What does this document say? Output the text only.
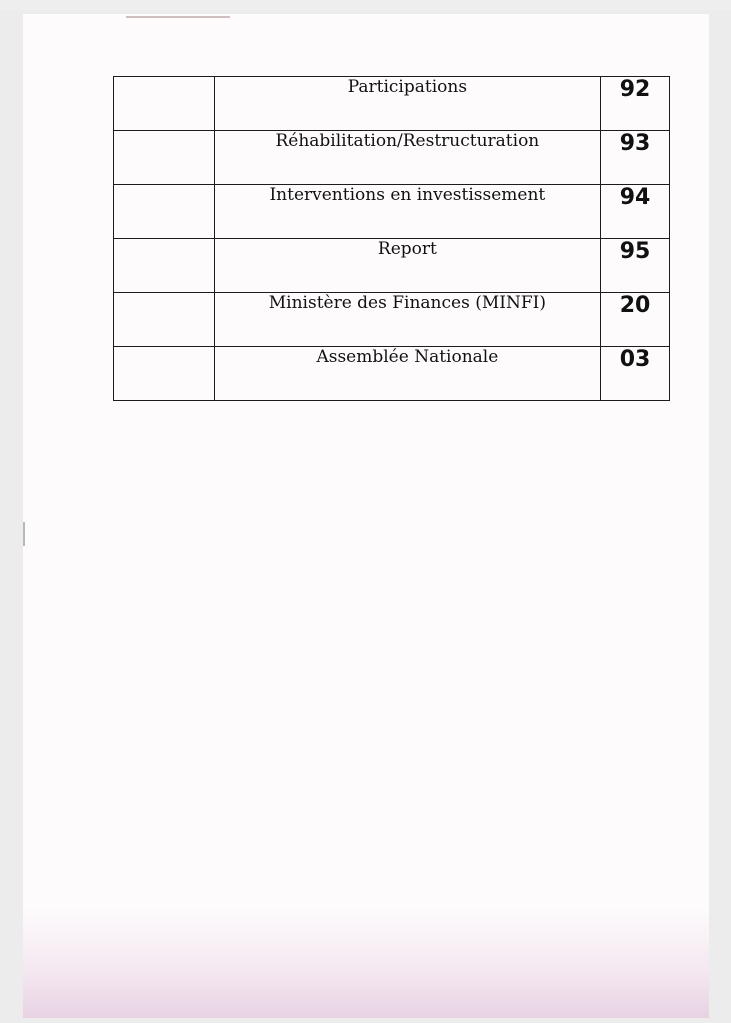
	Participations	92
	Réhabilitation/Restructuration	93
	Interventions en investissement	94
	Report	95
	Ministère des Finances (MINFI)	20
	Assemblée Nationale	03
